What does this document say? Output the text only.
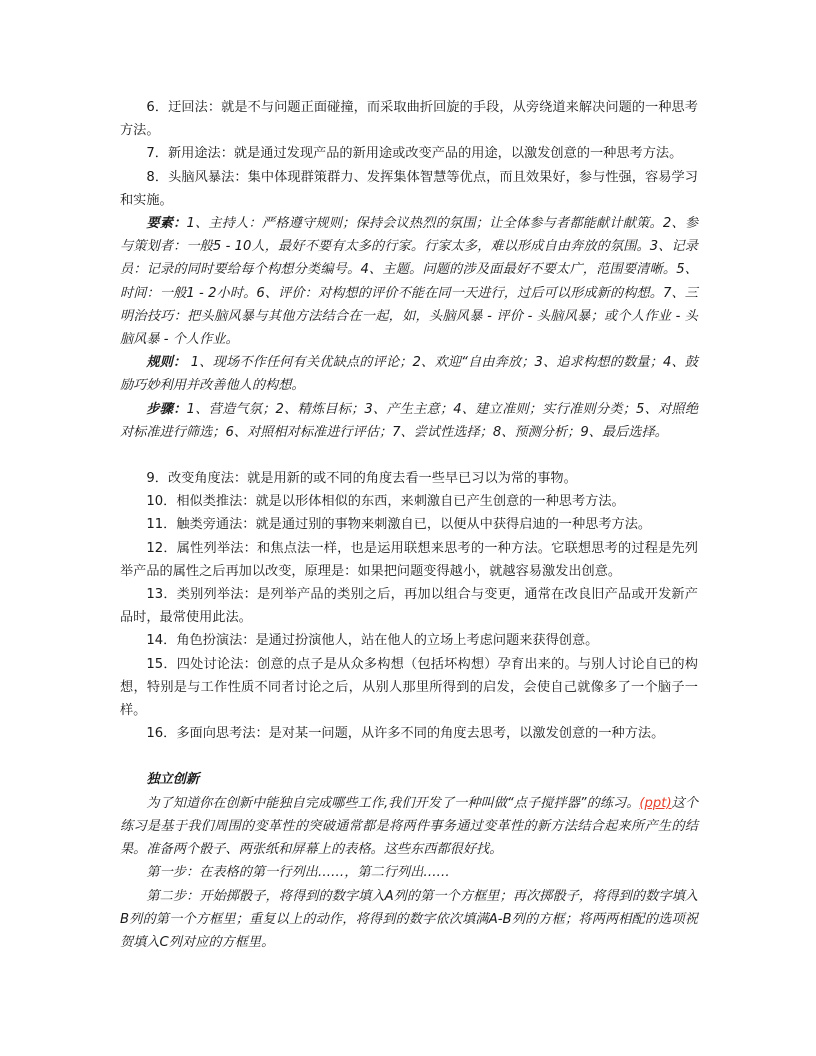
6．迂回法：就是不与问题正面碰撞，而采取曲折回旋的手段，从旁绕道来解决问题的一种思考方法。

7．新用途法：就是通过发现产品的新用途或改变产品的用途，以激发创意的一种思考方法。

8．头脑风暴法：集中体现群策群力、发挥集体智慧等优点，而且效果好，参与性强，容易学习和实施。

要素：1、主持人：严格遵守规则；保持会议热烈的氛围；让全体参与者都能献计献策。2、参与策划者：一般5 - 10人，最好不要有太多的行家。行家太多，难以形成自由奔放的氛围。3、记录员：记录的同时要给每个构想分类编号。4、主题。问题的涉及面最好不要太广，范围要清晰。5、时间：一般1 - 2小时。6、评价：对构想的评价不能在同一天进行，过后可以形成新的构想。7、三明治技巧：把头脑风暴与其他方法结合在一起，如，头脑风暴 - 评价 - 头脑风暴；或个人作业 - 头脑风暴 - 个人作业。

规则： 1、现场不作任何有关优缺点的评论；2、欢迎“自由奔放；3、追求构想的数量；4、鼓励巧妙利用并改善他人的构想。

步骤：1、营造气氛；2、精炼目标；3、产生主意；4、建立准则；实行准则分类；5、对照绝对标准进行筛选；6、对照相对标准进行评估；7、尝试性选择；8、预测分析；9、最后选择。

9．改变角度法：就是用新的或不同的角度去看一些早已习以为常的事物。

10．相似类推法：就是以形体相似的东西，来刺激自已产生创意的一种思考方法。

11．触类旁通法：就是通过别的事物来刺激自已，以便从中获得启迪的一种思考方法。

12．属性列举法：和焦点法一样，也是运用联想来思考的一种方法。它联想思考的过程是先列举产品的属性之后再加以改变，原理是：如果把问题变得越小，就越容易激发出创意。

13．类别列举法：是列举产品的类别之后，再加以组合与变更，通常在改良旧产品或开发新产品时，最常使用此法。

14．角色扮演法：是通过扮演他人，站在他人的立场上考虑问题来获得创意。

15．四处讨论法：创意的点子是从众多构想（包括坏构想）孕育出来的。与别人讨论自已的构想，特别是与工作性质不同者讨论之后，从别人那里所得到的启发，会使自己就像多了一个脑子一样。

16．多面向思考法：是对某一问题，从许多不同的角度去思考，以激发创意的一种方法。

独立创新

为了知道你在创新中能独自完成哪些工作,我们开发了一种叫做“点子搅拌器”的练习。(ppt)这个练习是基于我们周围的变革性的突破通常都是将两件事务通过变革性的新方法结合起来所产生的结果。准备两个骰子、两张纸和屏幕上的表格。这些东西都很好找。

第一步：在表格的第一行列出……，第二行列出……

第二步：开始掷骰子，将得到的数字填入A列的第一个方框里；再次掷骰子，将得到的数字填入B列的第一个方框里；重复以上的动作，将得到的数字依次填满A-B列的方框；将两两相配的选项祝贺填入C列对应的方框里。
